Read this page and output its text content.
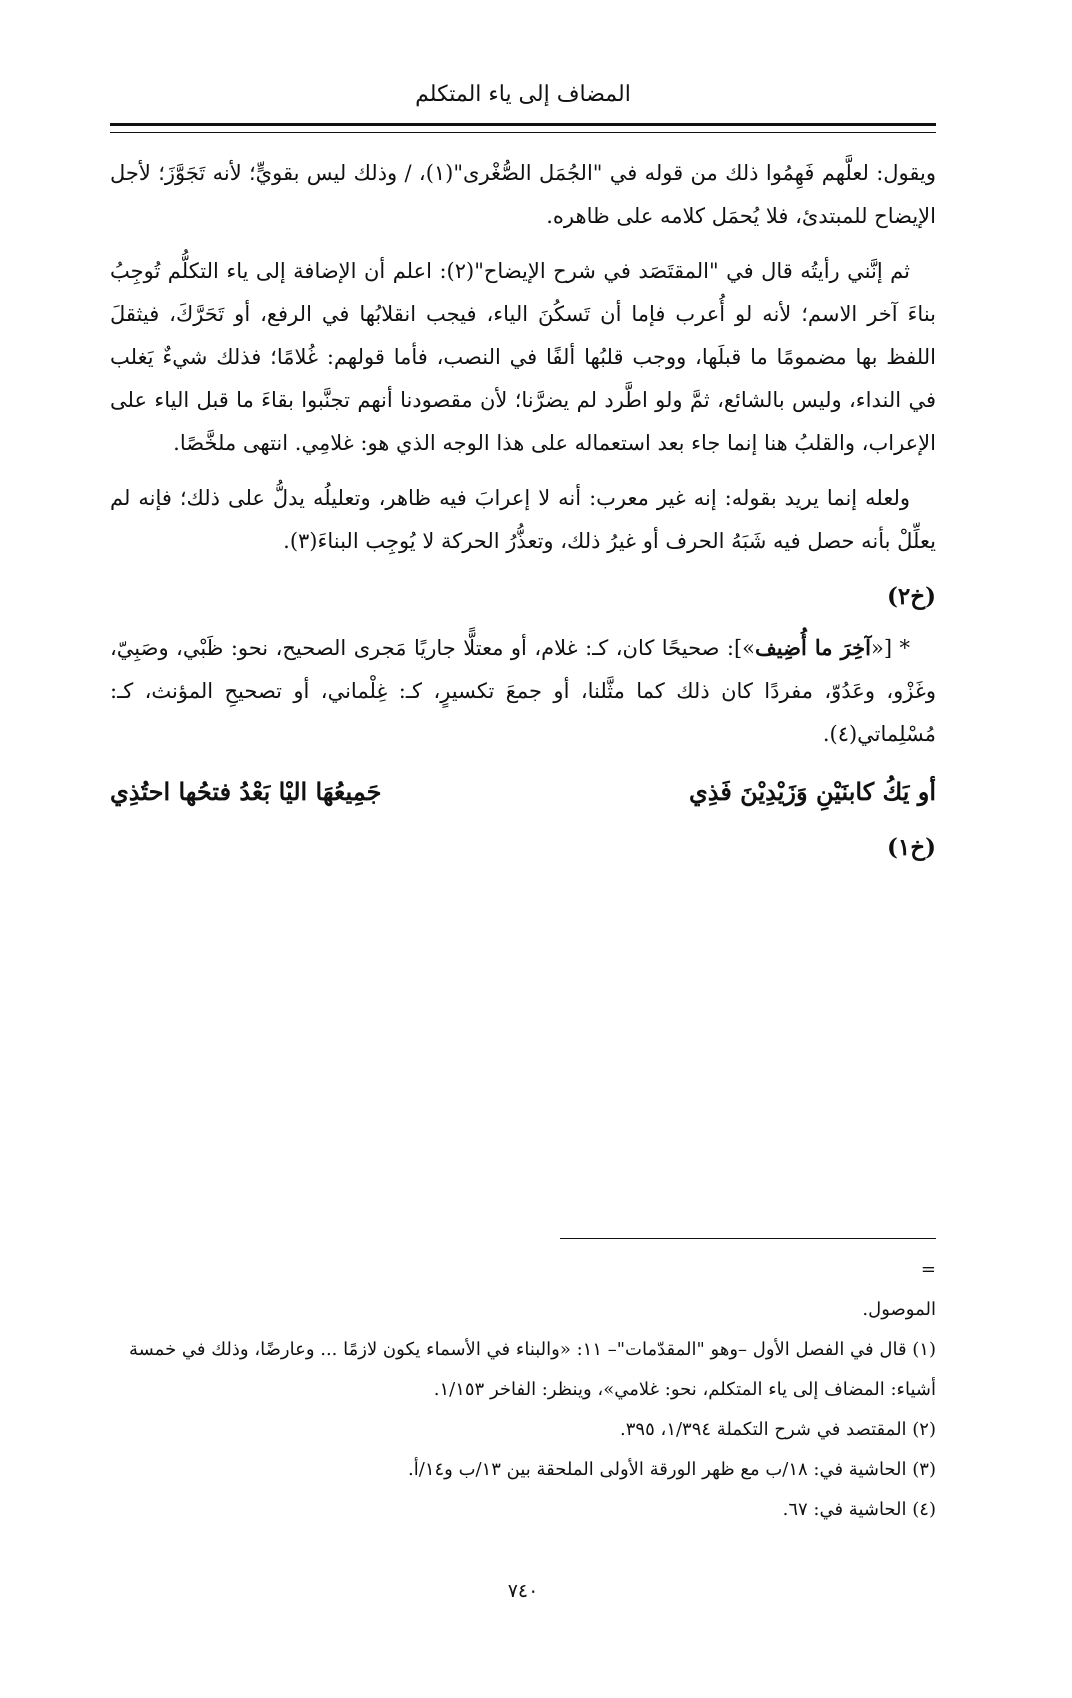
المضاف إلى ياء المتكلم

ويقول: لعلَّهم فَهِمُوا ذلك من قوله في "الجُمَل الصُّغْرى"(١)، / وذلك ليس بقويٍّ؛ لأنه تَجَوَّزَ؛ لأجل الإيضاح للمبتدئ، فلا يُحمَل كلامه على ظاهره.

ثم إنَّني رأيتُه قال في "المقتَصَد في شرح الإيضاح"(٢): اعلم أن الإضافة إلى ياء التكلُّم تُوجِبُ بناءَ آخر الاسم؛ لأنه لو أُعرب فإما أن تَسكُنَ الياء، فيجب انقلابُها في الرفع، أو تَحَرَّكَ، فيثقلَ اللفظ بها مضمومًا ما قبلَها، ووجب قلبُها ألفًا في النصب، فأما قولهم: غُلامًا؛ فذلك شيءٌ يَغلب في النداء، وليس بالشائع، ثمَّ ولو اطَّرد لم يضرَّنا؛ لأن مقصودنا أنهم تجنَّبوا بقاءَ ما قبل الياء على الإعراب، والقلبُ هنا إنما جاء بعد استعماله على هذا الوجه الذي هو: غلامِي. انتهى ملخَّصًا.

ولعله إنما يريد بقوله: إنه غير معرب: أنه لا إعرابَ فيه ظاهر، وتعليلُه يدلُّ على ذلك؛ فإنه لم يعلِّلْ بأنه حصل فيه شَبَهُ الحرف أو غيرُ ذلك، وتعذُّرُ الحركة لا يُوجِب البناءَ(٣).

(خ٢)

* [«آخِرَ ما أُضِيف»]: صحيحًا كان، كـ: غلام، أو معتلًّا جاريًا مَجرى الصحيح، نحو: ظَبْي، وصَبِيّ، وغَزْو، وعَدُوّ، مفردًا كان ذلك كما مثَّلنا، أو جمعَ تكسيرٍ، كـ: غِلْماني، أو تصحيحِ المؤنث، كـ: مُسْلِماتي(٤).

أو يَكُ كابنَيْنِ وَزَيْدِيْنَ فَذِي
جَمِيعُهَا اليْا بَعْدُ فتحُها احتُذِي
(خ١)
=
الموصول.
(١) قال في الفصل الأول –وهو "المقدّمات"– ١١: «والبناء في الأسماء يكون لازمًا ... وعارضًا، وذلك في خمسة أشياء: المضاف إلى ياء المتكلم، نحو: غلامي»، وينظر: الفاخر ١/١٥٣.
(٢) المقتصد في شرح التكملة ١/٣٩٤، ٣٩٥.
(٣) الحاشية في: ١٨/ب مع ظهر الورقة الأولى الملحقة بين ١٣/ب و١٤/أ.
(٤) الحاشية في: ٦٧.
٧٤٠
